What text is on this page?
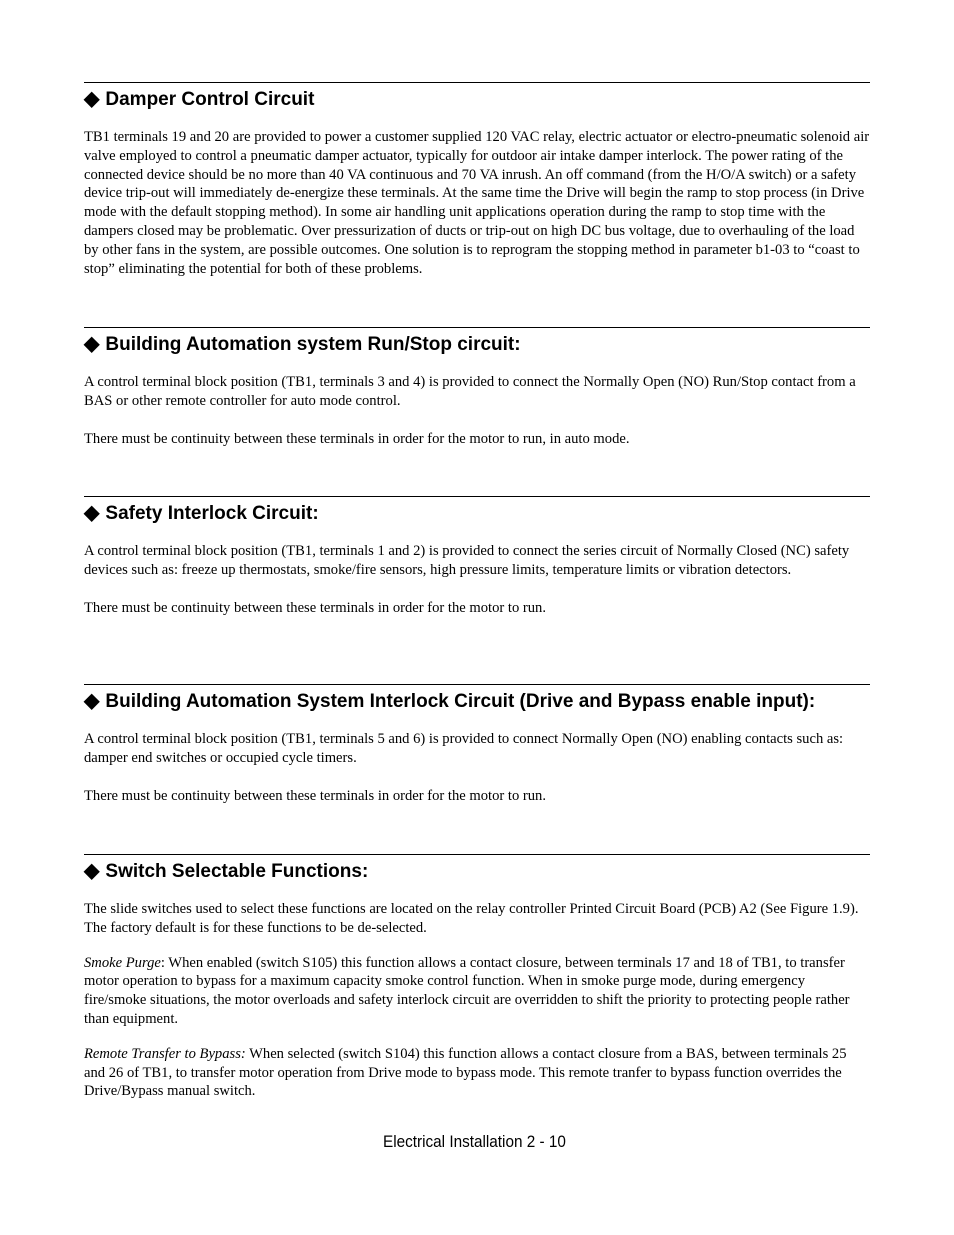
◆ Damper Control Circuit

TB1 terminals 19 and 20 are provided to power a customer supplied 120 VAC relay, electric actuator or electro-pneumatic solenoid air valve employed to control a pneumatic damper actuator, typically for outdoor air intake damper interlock. The power rating of the connected device should be no more than 40 VA continuous and 70 VA inrush. An off command (from the H/O/A switch) or a safety device trip-out will immediately de-energize these terminals. At the same time the Drive will begin the ramp to stop process (in Drive mode with the default stopping method). In some air handling unit applications operation during the ramp to stop time with the dampers closed may be problematic. Over pressurization of ducts or trip-out on high DC bus voltage, due to overhauling of the load by other fans in the system, are possible outcomes. One solution is to reprogram the stopping method in parameter b1-03 to “coast to stop” eliminating the potential for both of these problems.

◆ Building Automation system Run/Stop circuit:

A control terminal block position (TB1, terminals 3 and 4) is provided to connect the Normally Open (NO) Run/Stop contact from a BAS or other remote controller for auto mode control.

There must be continuity between these terminals in order for the motor to run, in auto mode.

◆ Safety Interlock Circuit:

A control terminal block position (TB1, terminals 1 and 2) is provided to connect the series circuit of Normally Closed (NC) safety devices such as: freeze up thermostats, smoke/fire sensors, high pressure limits, temperature limits or vibration detectors.

There must be continuity between these terminals in order for the motor to run.

◆ Building Automation System Interlock Circuit (Drive and Bypass enable input):

A control terminal block position (TB1, terminals 5 and 6) is provided to connect Normally Open (NO) enabling contacts such as: damper end switches or occupied cycle timers.

There must be continuity between these terminals in order for the motor to run.

◆ Switch Selectable Functions:

The slide switches used to select these functions are located on the relay controller Printed Circuit Board (PCB) A2 (See Figure 1.9). The factory default is for these functions to be de-selected.

Smoke Purge: When enabled (switch S105) this function allows a contact closure, between terminals 17 and 18 of TB1, to transfer motor operation to bypass for a maximum capacity smoke control function. When in smoke purge mode, during emergency fire/smoke situations, the motor overloads and safety interlock circuit are overridden to shift the priority to protecting people rather than equipment.

Remote Transfer to Bypass: When selected (switch S104) this function allows a contact closure from a BAS, between terminals 25 and 26 of TB1, to transfer motor operation from Drive mode to bypass mode. This remote tranfer to bypass function overrides the Drive/Bypass manual switch.

Electrical Installation 2 - 10
